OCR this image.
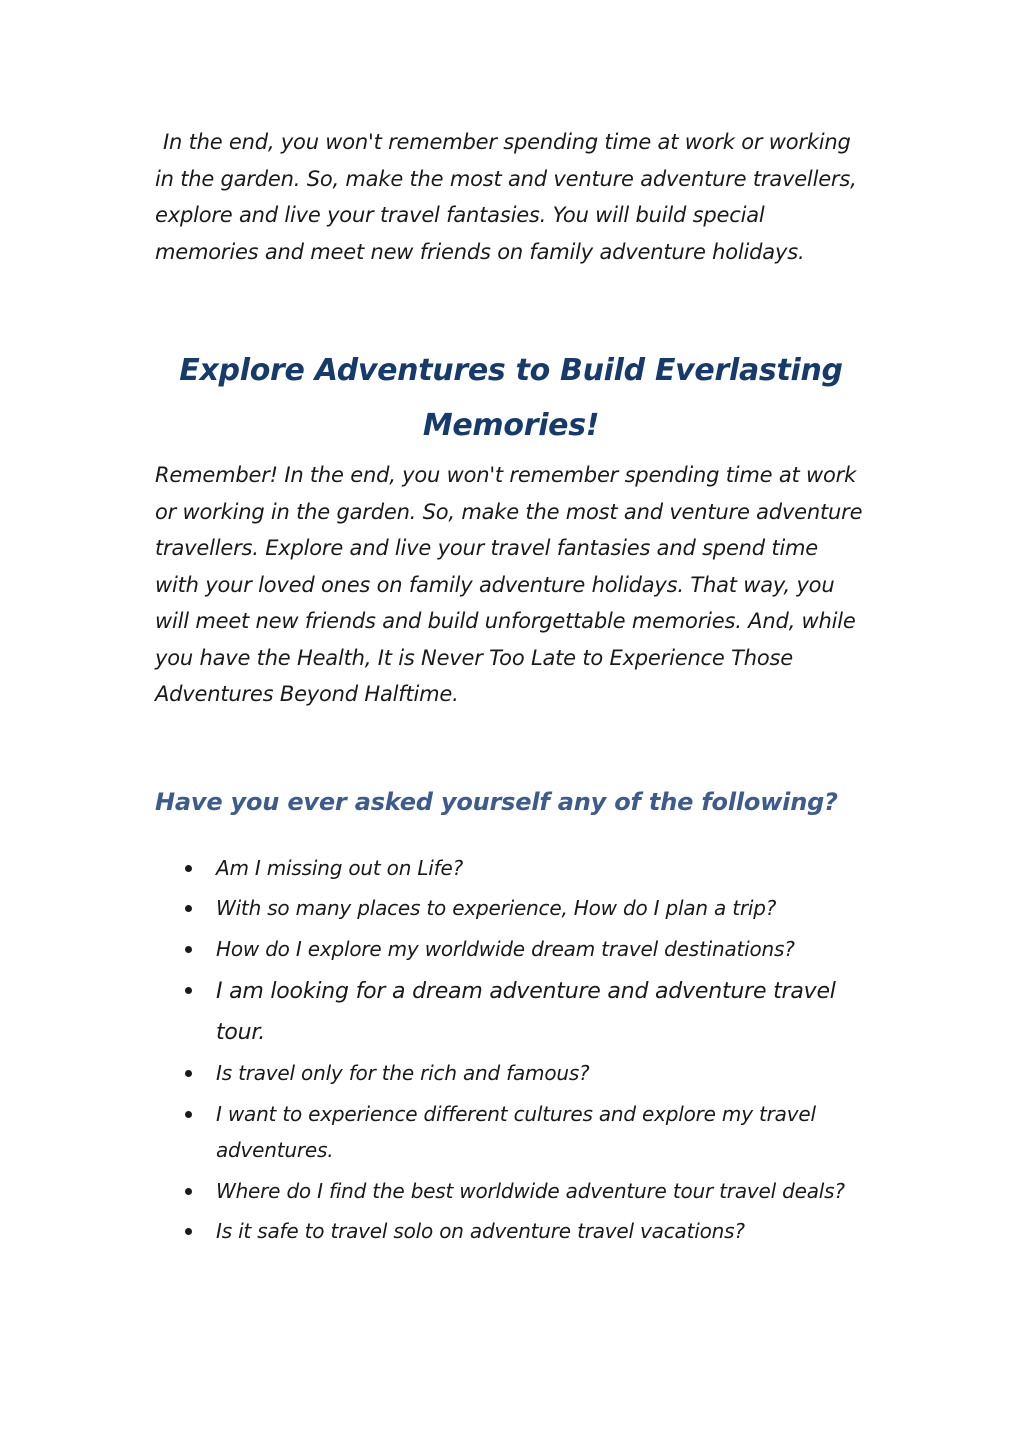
In the end, you won't remember spending time at work or working in the garden. So, make the most and venture adventure travellers, explore and live your travel fantasies. You will build special memories and meet new friends on family adventure holidays.

Explore Adventures to Build Everlasting Memories!

Remember! In the end, you won't remember spending time at work or working in the garden. So, make the most and venture adventure travellers. Explore and live your travel fantasies and spend time with your loved ones on family adventure holidays. That way, you will meet new friends and build unforgettable memories. And, while you have the Health, It is Never Too Late to Experience Those Adventures Beyond Halftime.

Have you ever asked yourself any of the following?
Am I missing out on Life?
With so many places to experience, How do I plan a trip?
How do I explore my worldwide dream travel destinations?
I am looking for a dream adventure and adventure travel tour.
Is travel only for the rich and famous?
I want to experience different cultures and explore my travel adventures.
Where do I find the best worldwide adventure tour travel deals?
Is it safe to travel solo on adventure travel vacations?
